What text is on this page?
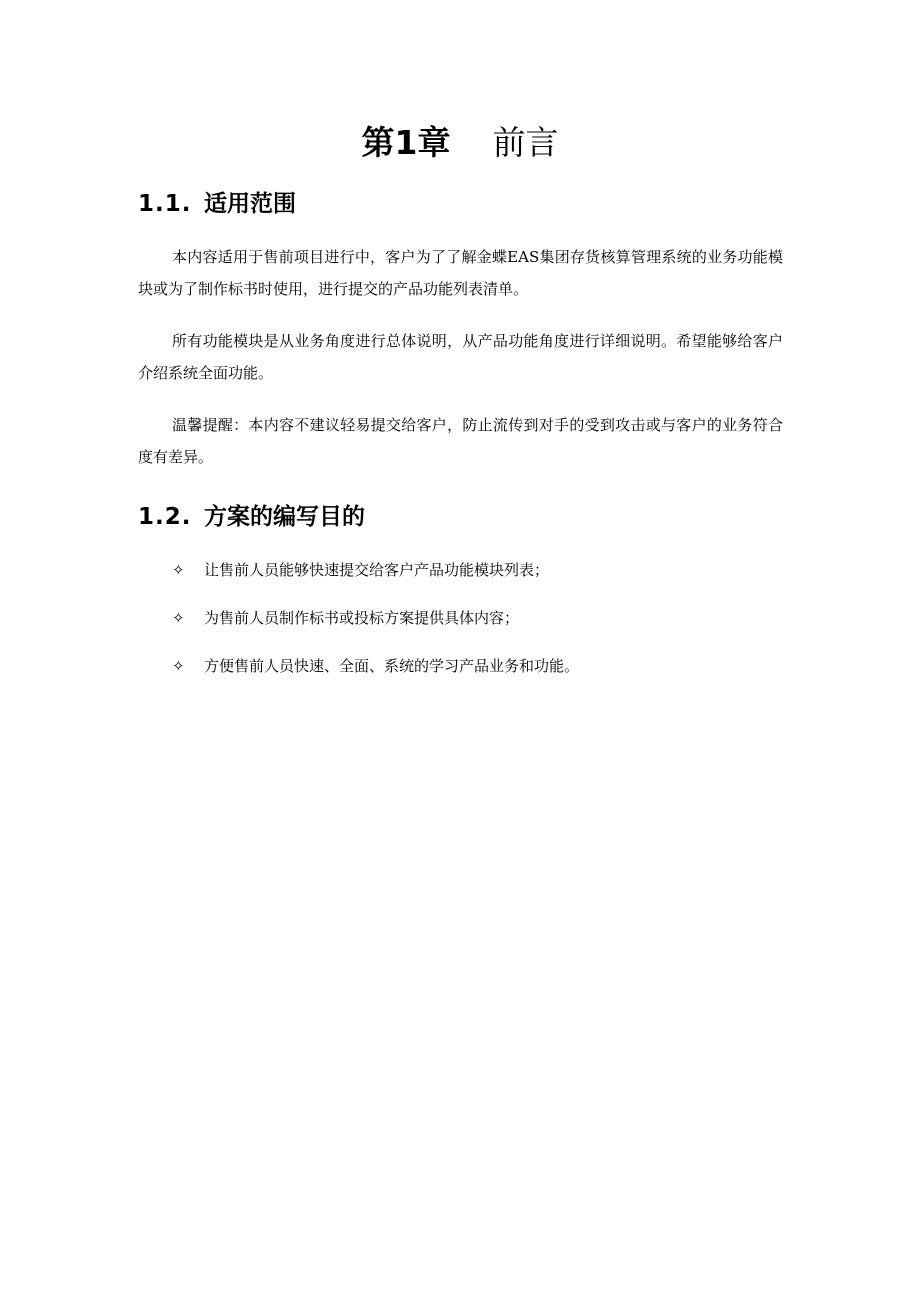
第1章 前言
1.1. 适用范围

本内容适用于售前项目进行中，客户为了了解金蝶EAS集团存货核算管理系统的业务功能模块或为了制作标书时使用，进行提交的产品功能列表清单。

所有功能模块是从业务角度进行总体说明，从产品功能角度进行详细说明。希望能够给客户介绍系统全面功能。

温馨提醒：本内容不建议轻易提交给客户，防止流传到对手的受到攻击或与客户的业务符合度有差异。

1.2. 方案的编写目的
✧ 让售前人员能够快速提交给客户产品功能模块列表；
✧ 为售前人员制作标书或投标方案提供具体内容；
✧ 方便售前人员快速、全面、系统的学习产品业务和功能。
